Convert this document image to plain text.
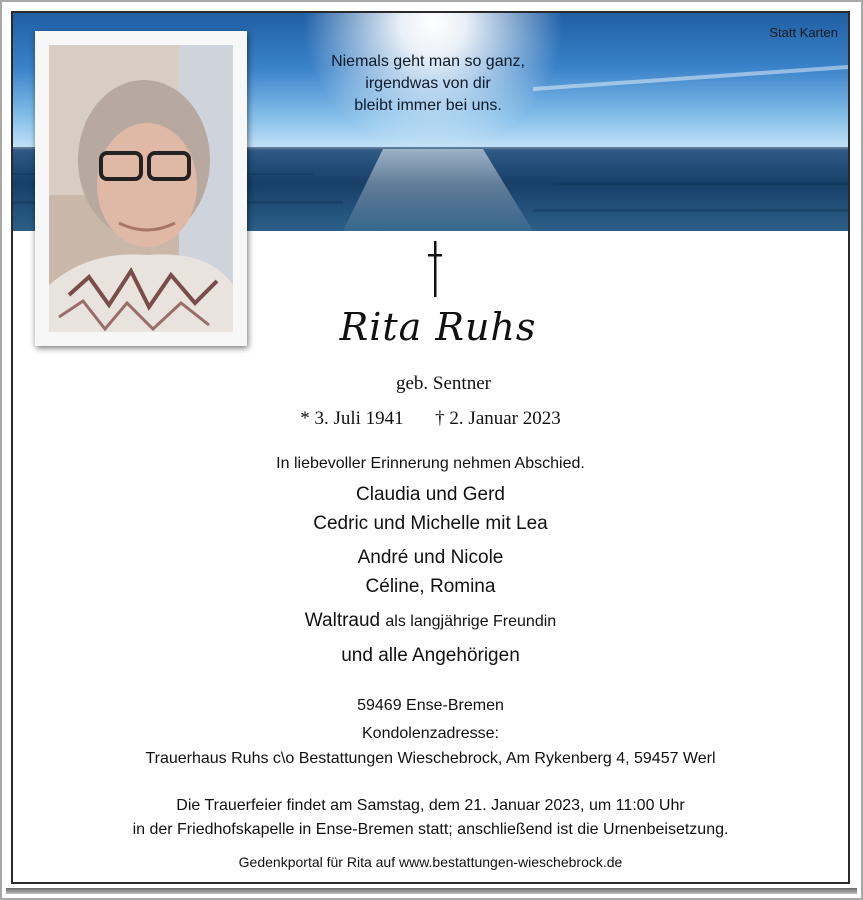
Statt Karten
Niemals geht man so ganz,
irgendwas von dir
bleibt immer bei uns.
Rita Ruhs
geb. Sentner
* 3. Juli 1941 † 2. Januar 2023
In liebevoller Erinnerung nehmen Abschied.
Claudia und Gerd
Cedric und Michelle mit Lea
André und Nicole
Céline, Romina
Waltraud als langjährige Freundin
und alle Angehörigen
59469 Ense-Bremen
Kondolenzadresse:
Trauerhaus Ruhs c\o Bestattungen Wieschebrock, Am Rykenberg 4, 59457 Werl
Die Trauerfeier findet am Samstag, dem 21. Januar 2023, um 11:00 Uhr
in der Friedhofskapelle in Ense-Bremen statt; anschließend ist die Urnenbeisetzung.
Gedenkportal für Rita auf www.bestattungen-wieschebrock.de
